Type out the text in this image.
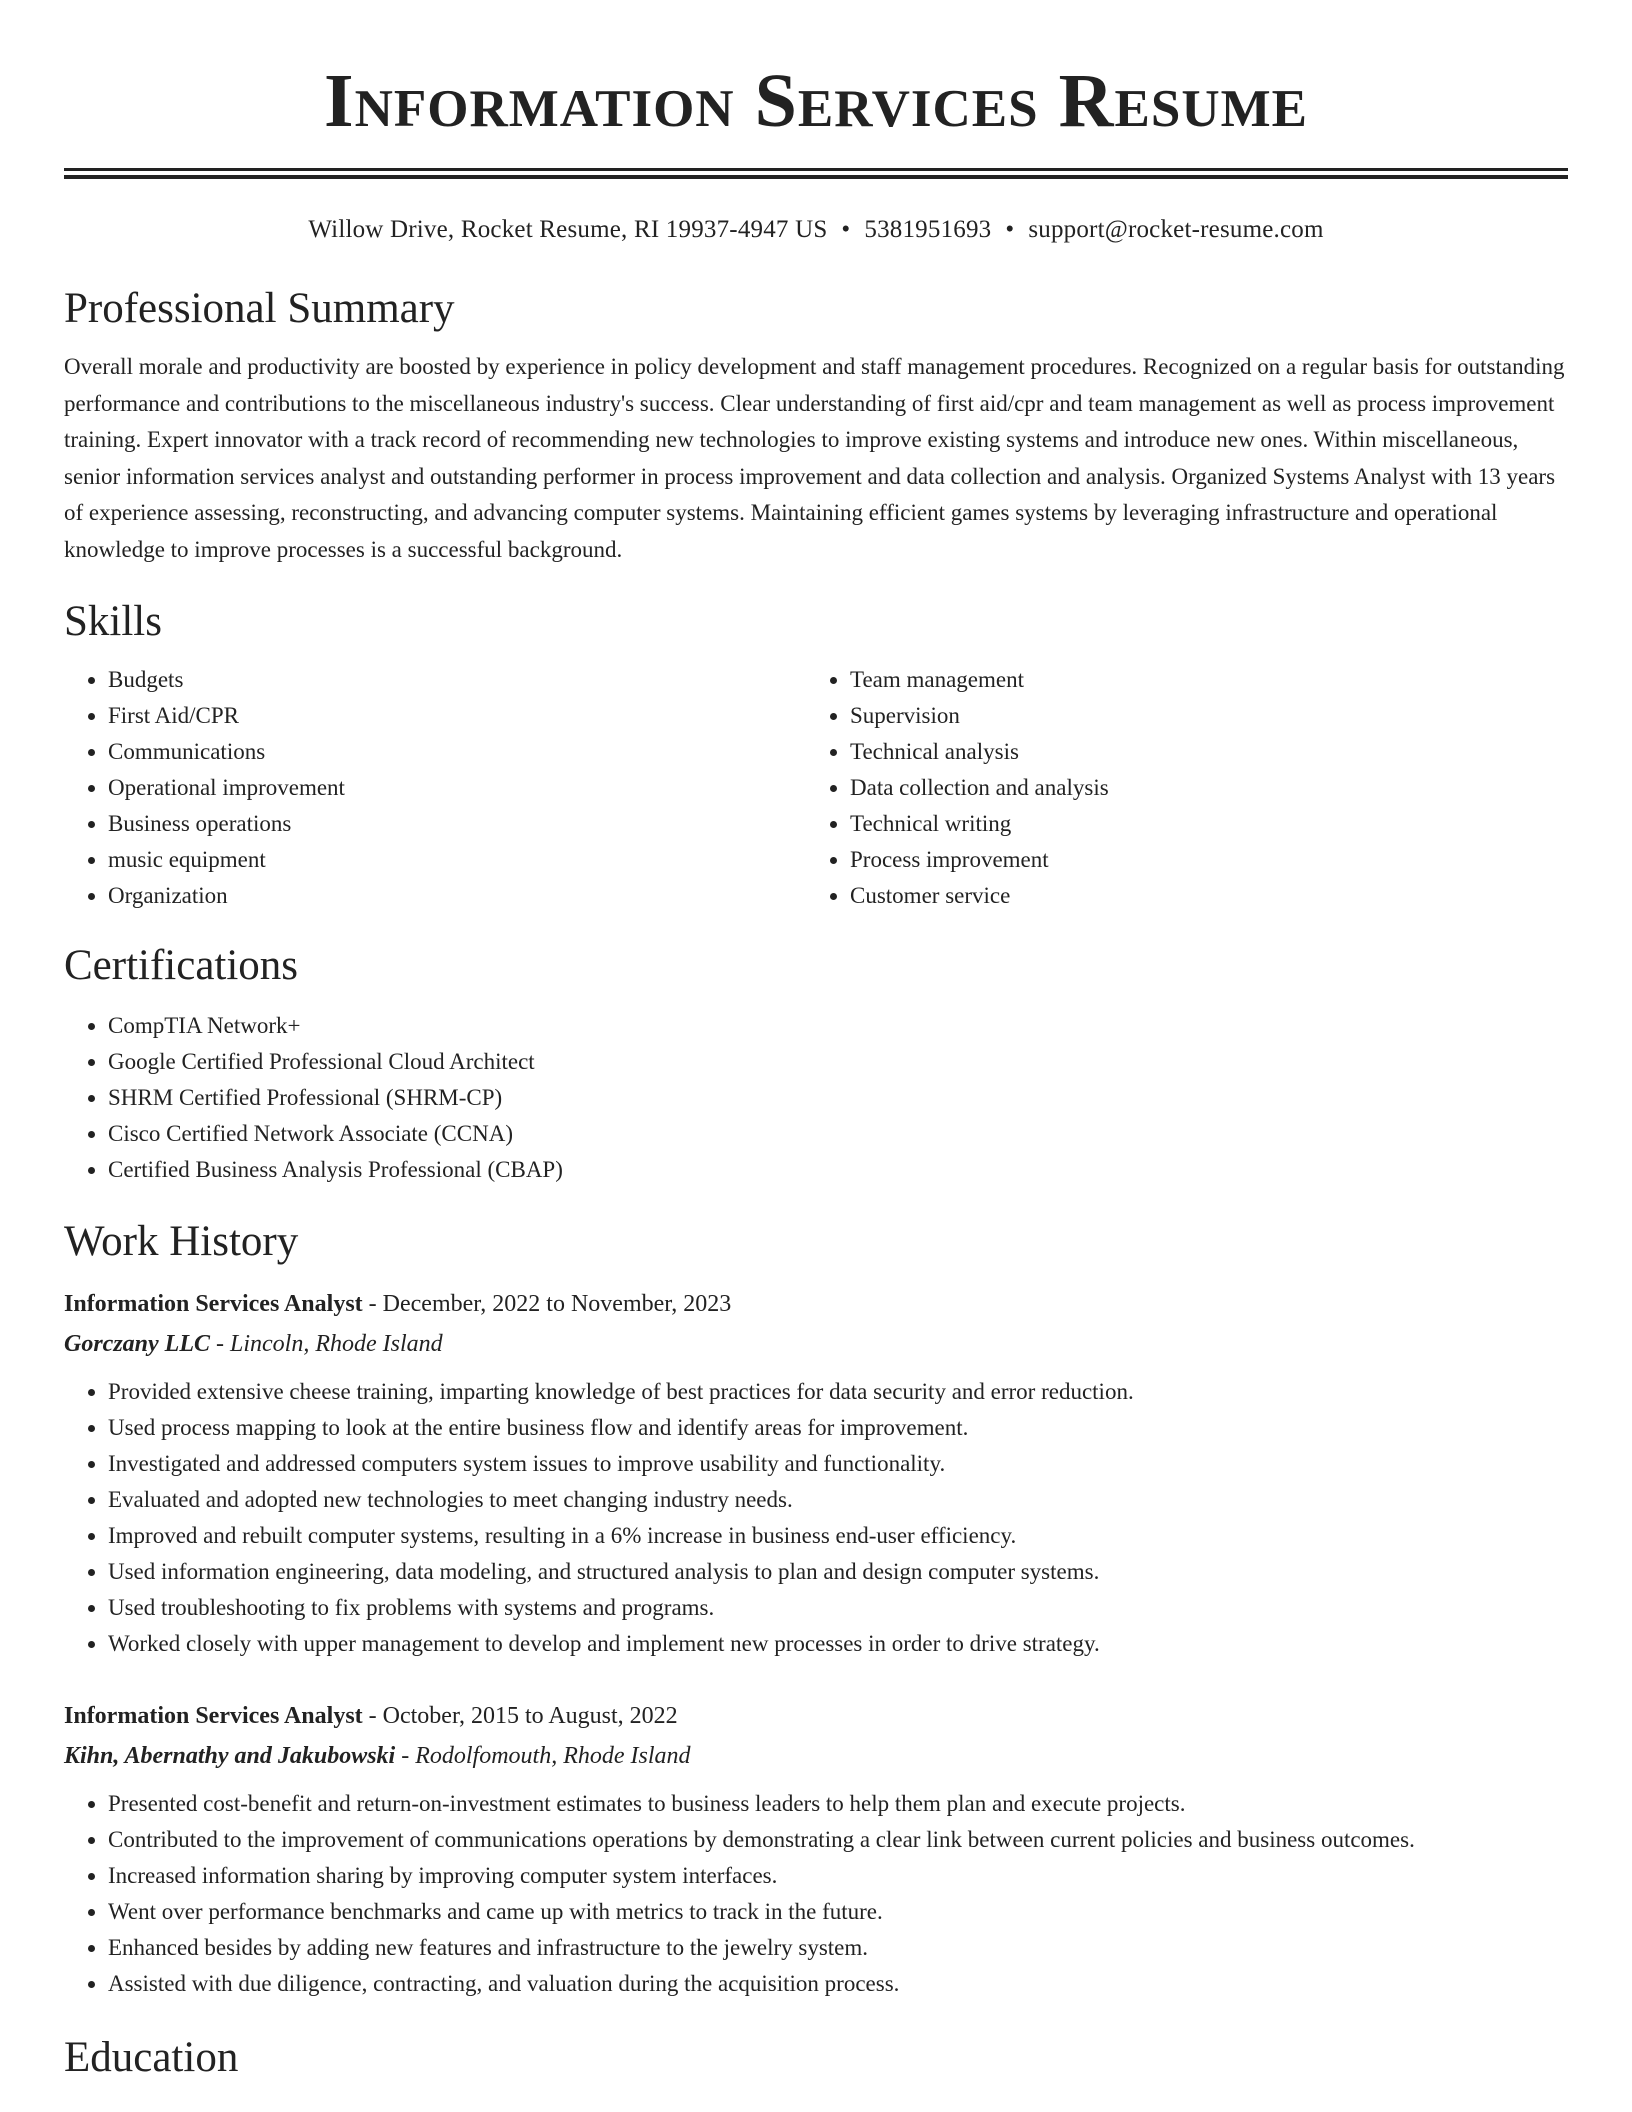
Information Services Resume
Willow Drive, Rocket Resume, RI 19937-4947 US • 5381951693 • support@rocket-resume.com
Professional Summary

Overall morale and productivity are boosted by experience in policy development and staff management procedures. Recognized on a regular basis for outstanding performance and contributions to the miscellaneous industry's success. Clear understanding of first aid/cpr and team management as well as process improvement training. Expert innovator with a track record of recommending new technologies to improve existing systems and introduce new ones. Within miscellaneous, senior information services analyst and outstanding performer in process improvement and data collection and analysis. Organized Systems Analyst with 13 years of experience assessing, reconstructing, and advancing computer systems. Maintaining efficient games systems by leveraging infrastructure and operational knowledge to improve processes is a successful background.

Skills
• Budgets
• First Aid/CPR
• Communications
• Operational improvement
• Business operations
• music equipment
• Organization
• Team management
• Supervision
• Technical analysis
• Data collection and analysis
• Technical writing
• Process improvement
• Customer service
Certifications
• CompTIA Network+
• Google Certified Professional Cloud Architect
• SHRM Certified Professional (SHRM-CP)
• Cisco Certified Network Associate (CCNA)
• Certified Business Analysis Professional (CBAP)
Work History
Information Services Analyst - December, 2022 to November, 2023
Gorczany LLC - Lincoln, Rhode Island
• Provided extensive cheese training, imparting knowledge of best practices for data security and error reduction.
• Used process mapping to look at the entire business flow and identify areas for improvement.
• Investigated and addressed computers system issues to improve usability and functionality.
• Evaluated and adopted new technologies to meet changing industry needs.
• Improved and rebuilt computer systems, resulting in a 6% increase in business end-user efficiency.
• Used information engineering, data modeling, and structured analysis to plan and design computer systems.
• Used troubleshooting to fix problems with systems and programs.
• Worked closely with upper management to develop and implement new processes in order to drive strategy.
Information Services Analyst - October, 2015 to August, 2022
Kihn, Abernathy and Jakubowski - Rodolfomouth, Rhode Island
• Presented cost-benefit and return-on-investment estimates to business leaders to help them plan and execute projects.
• Contributed to the improvement of communications operations by demonstrating a clear link between current policies and business outcomes.
• Increased information sharing by improving computer system interfaces.
• Went over performance benchmarks and came up with metrics to track in the future.
• Enhanced besides by adding new features and infrastructure to the jewelry system.
• Assisted with due diligence, contracting, and valuation during the acquisition process.
Education
